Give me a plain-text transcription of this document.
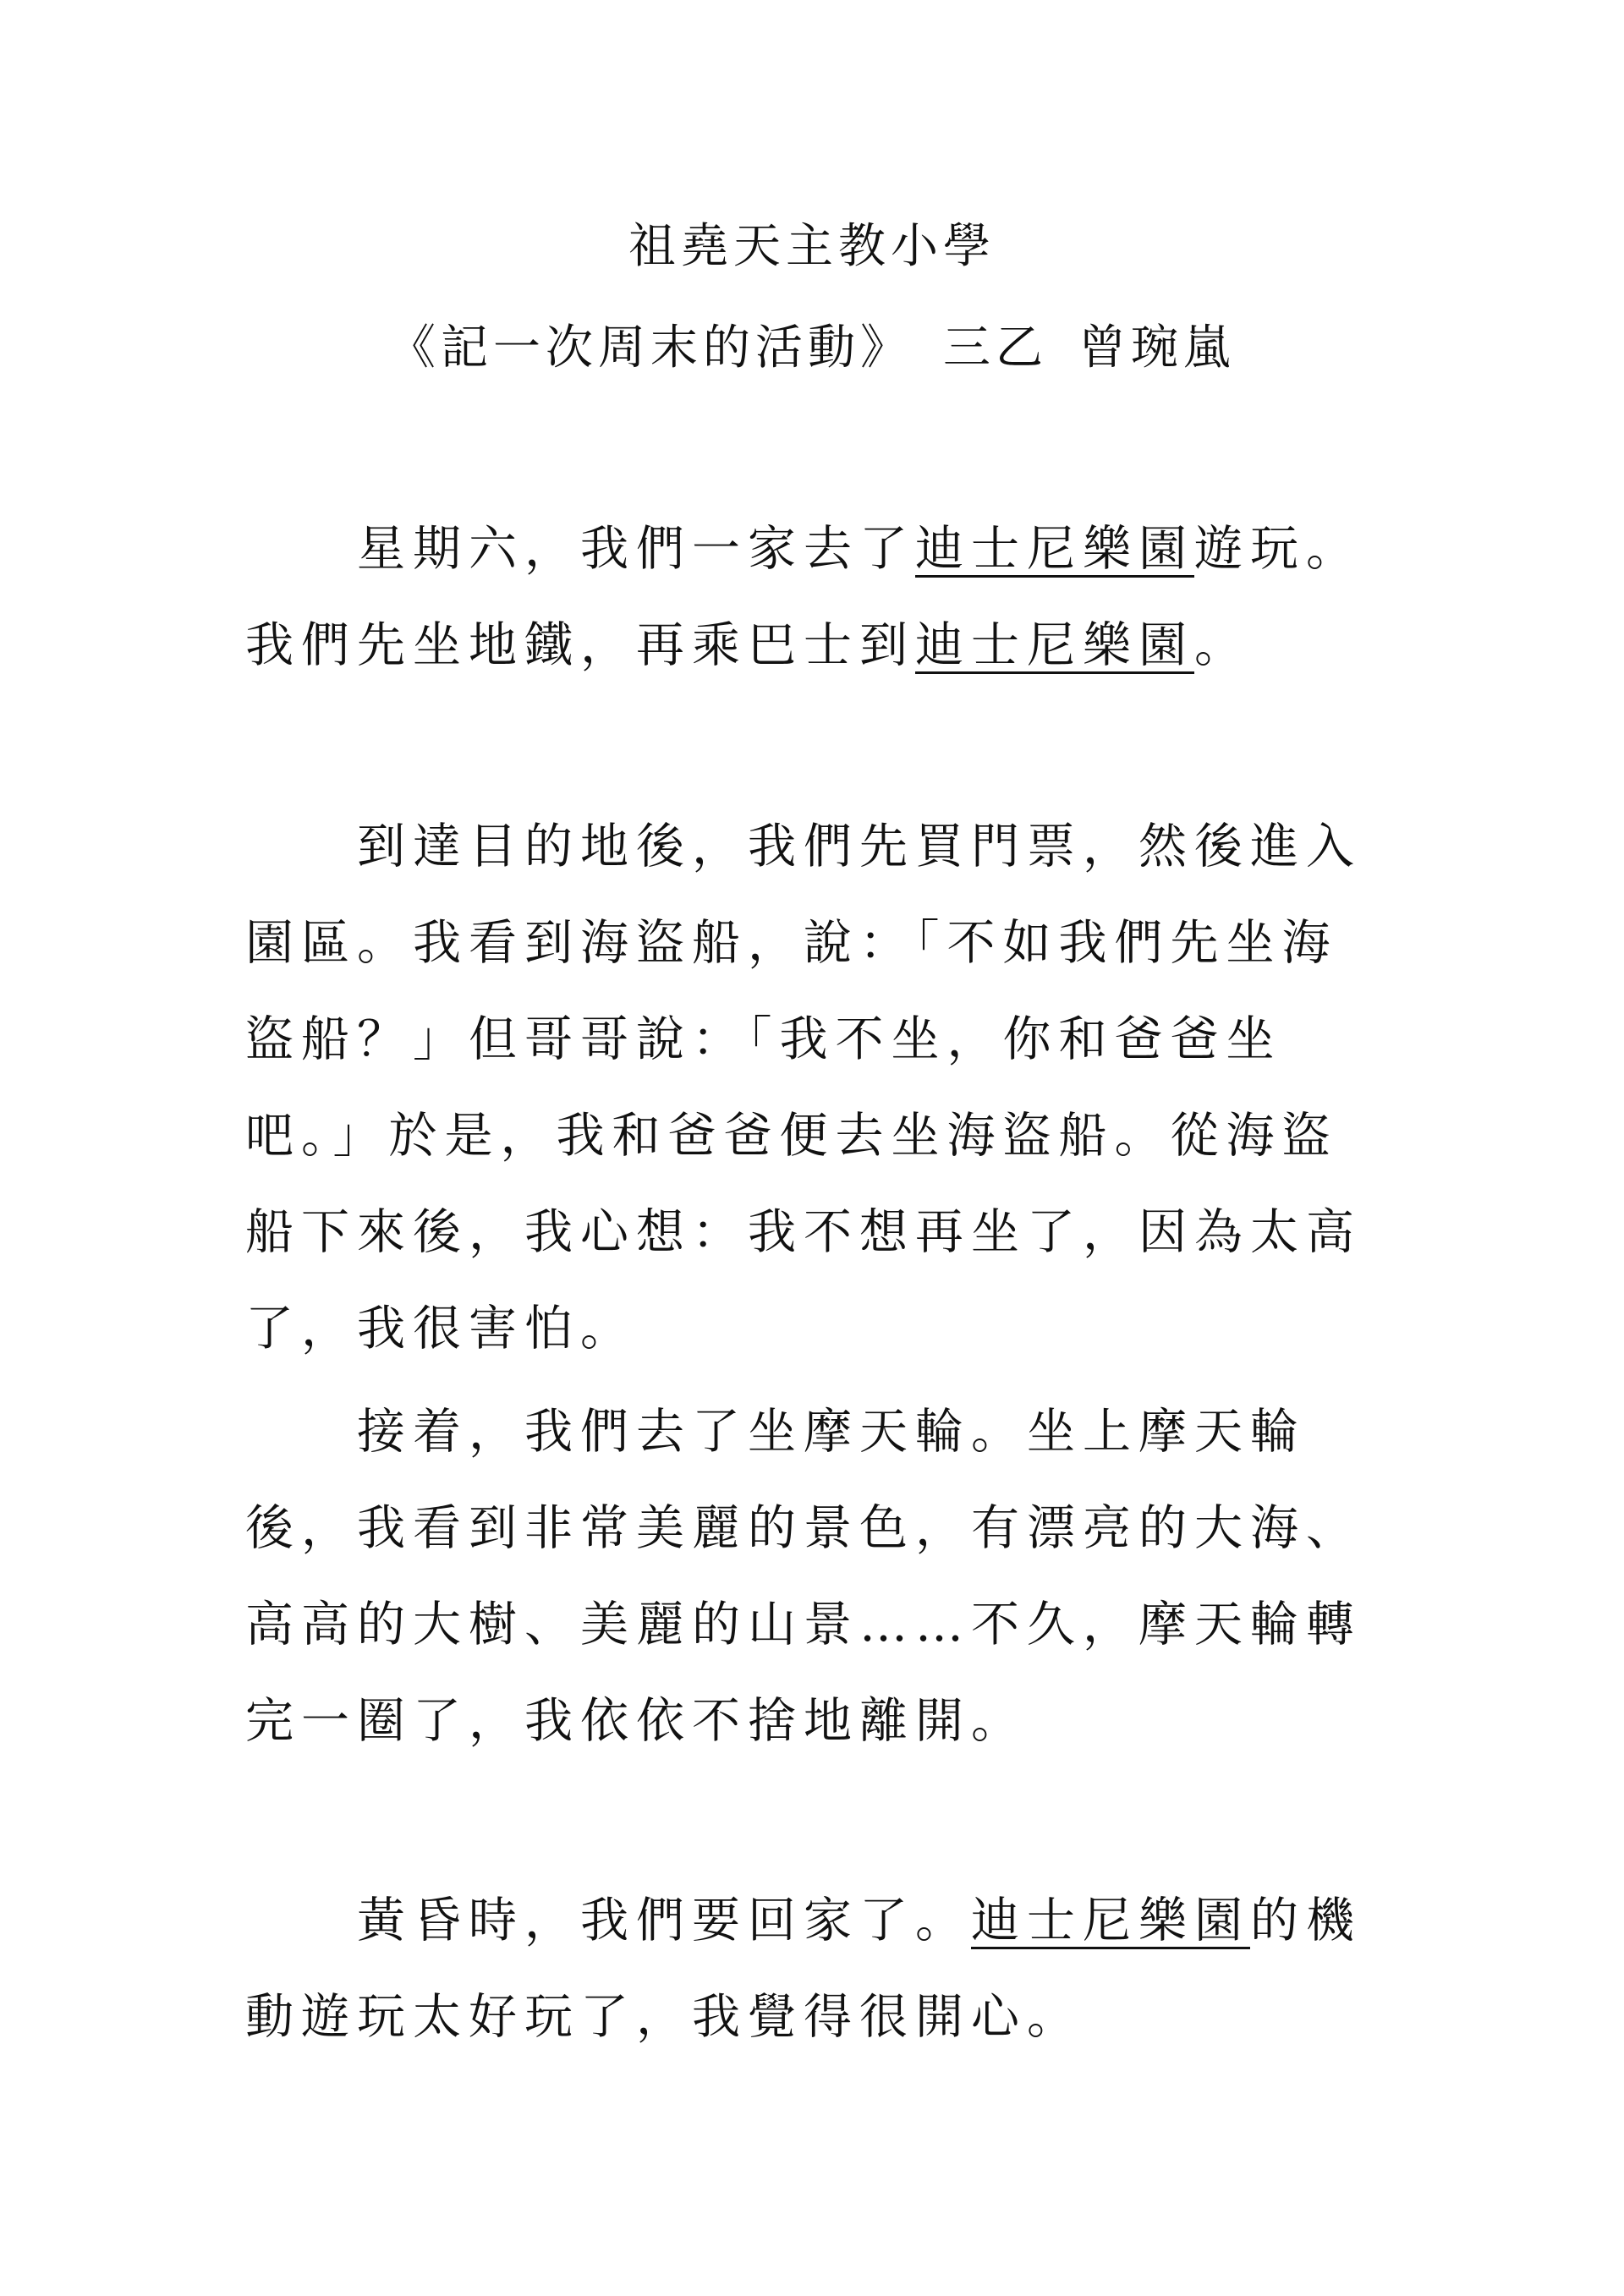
祖堯天主教小學
《記一次周末的活動》 三乙 曾琬嵐

星期六，我們一家去了迪士尼樂園遊玩。我們先坐地鐵，再乘巴士到迪士尼樂園。

到達目的地後，我們先買門票，然後進入園區。我看到海盜船，說：「不如我們先坐海盜船？」但哥哥說：「我不坐，你和爸爸坐吧。」於是，我和爸爸便去坐海盜船。從海盜船下來後，我心想：我不想再坐了，因為太高了，我很害怕。

接着，我們去了坐摩天輪。坐上摩天輪後，我看到非常美麗的景色，有漂亮的大海、高高的大樹、美麗的山景……不久，摩天輪轉完一圈了，我依依不捨地離開。

黃昏時，我們要回家了。迪士尼樂園的機動遊玩太好玩了，我覺得很開心。
